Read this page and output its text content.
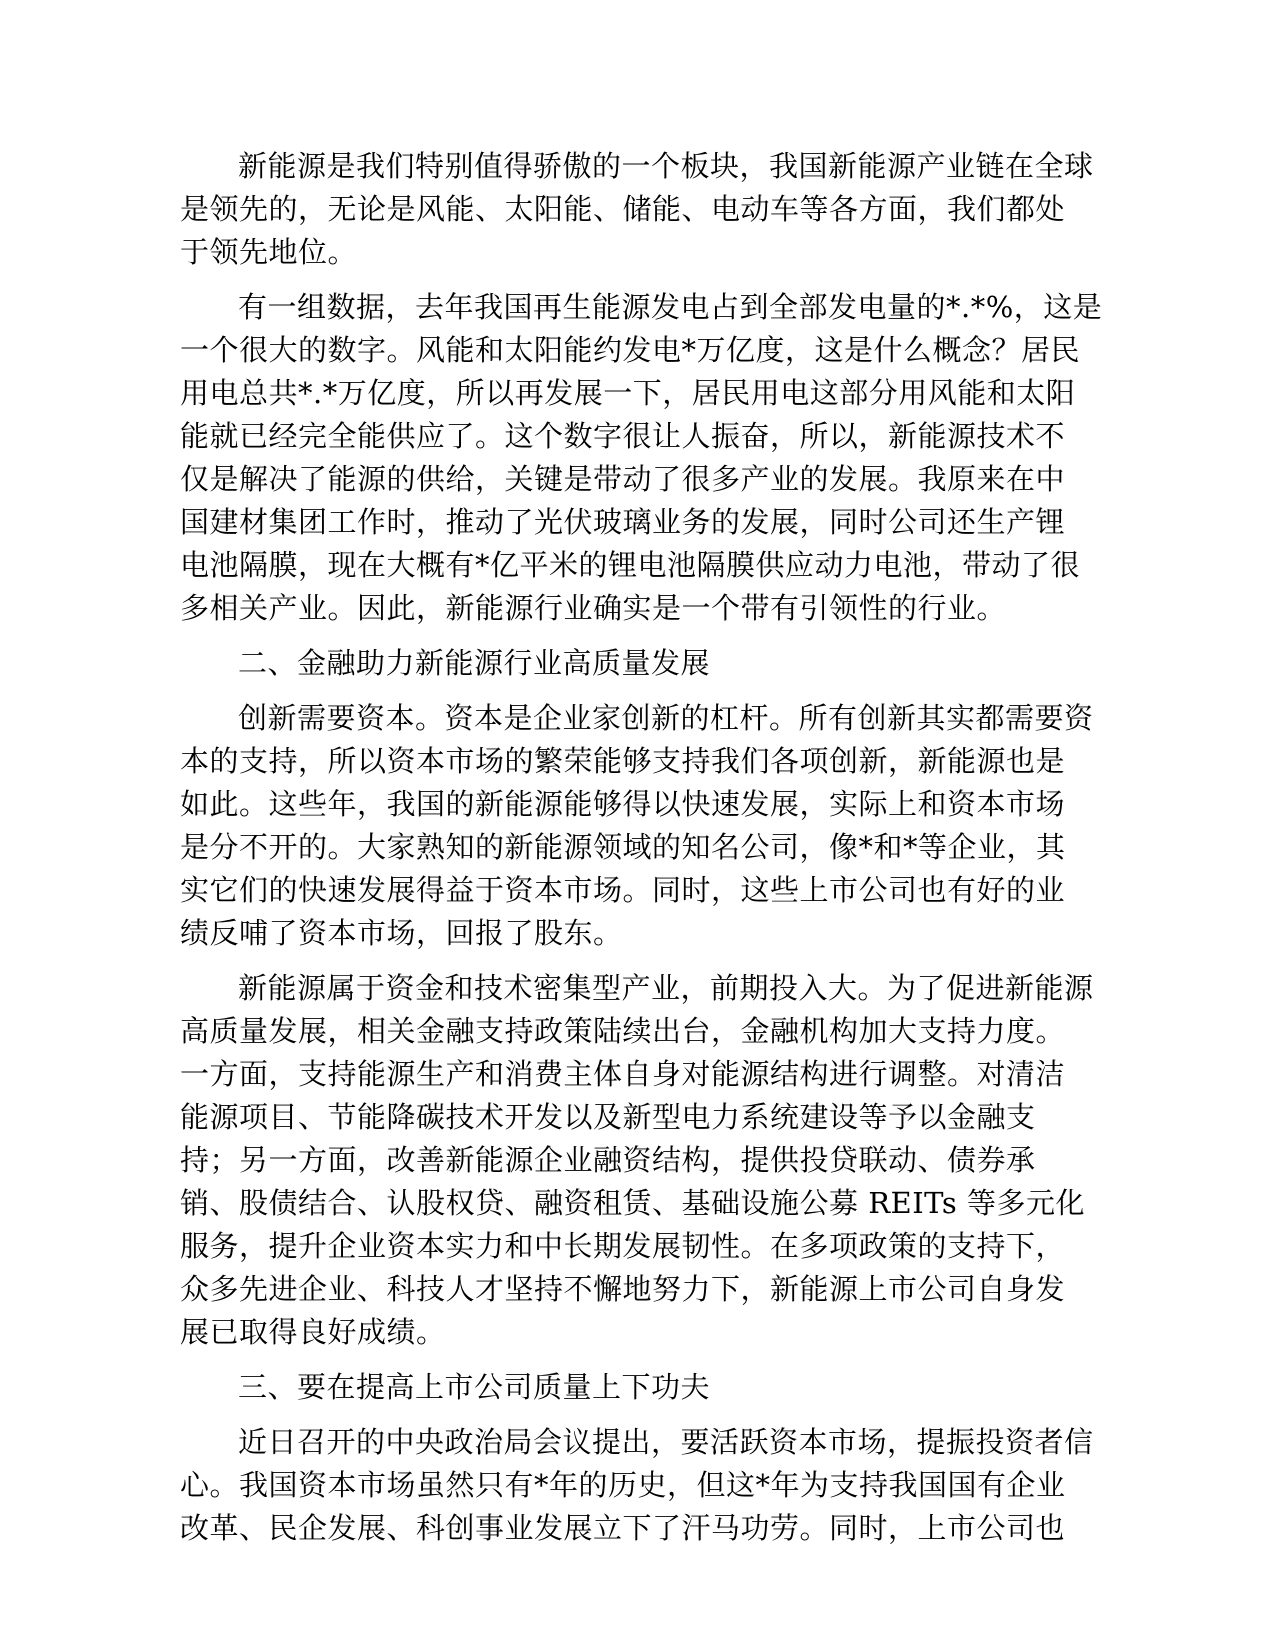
新能源是我们特别值得骄傲的一个板块，我国新能源产业链在全球
是领先的，无论是风能、太阳能、储能、电动车等各方面，我们都处
于领先地位。

有一组数据，去年我国再生能源发电占到全部发电量的*.*%，这是
一个很大的数字。风能和太阳能约发电*万亿度，这是什么概念？居民
用电总共*.*万亿度，所以再发展一下，居民用电这部分用风能和太阳
能就已经完全能供应了。这个数字很让人振奋，所以，新能源技术不
仅是解决了能源的供给，关键是带动了很多产业的发展。我原来在中
国建材集团工作时，推动了光伏玻璃业务的发展，同时公司还生产锂
电池隔膜，现在大概有*亿平米的锂电池隔膜供应动力电池，带动了很
多相关产业。因此，新能源行业确实是一个带有引领性的行业。

二、金融助力新能源行业高质量发展

创新需要资本。资本是企业家创新的杠杆。所有创新其实都需要资
本的支持，所以资本市场的繁荣能够支持我们各项创新，新能源也是
如此。这些年，我国的新能源能够得以快速发展，实际上和资本市场
是分不开的。大家熟知的新能源领域的知名公司，像*和*等企业，其
实它们的快速发展得益于资本市场。同时，这些上市公司也有好的业
绩反哺了资本市场，回报了股东。

新能源属于资金和技术密集型产业，前期投入大。为了促进新能源
高质量发展，相关金融支持政策陆续出台，金融机构加大支持力度。
一方面，支持能源生产和消费主体自身对能源结构进行调整。对清洁
能源项目、节能降碳技术开发以及新型电力系统建设等予以金融支
持；另一方面，改善新能源企业融资结构，提供投贷联动、债券承
销、股债结合、认股权贷、融资租赁、基础设施公募 REITs 等多元化
服务，提升企业资本实力和中长期发展韧性。在多项政策的支持下，
众多先进企业、科技人才坚持不懈地努力下，新能源上市公司自身发
展已取得良好成绩。

三、要在提高上市公司质量上下功夫

近日召开的中央政治局会议提出，要活跃资本市场，提振投资者信
心。我国资本市场虽然只有*年的历史，但这*年为支持我国国有企业
改革、民企发展、科创事业发展立下了汗马功劳。同时，上市公司也
